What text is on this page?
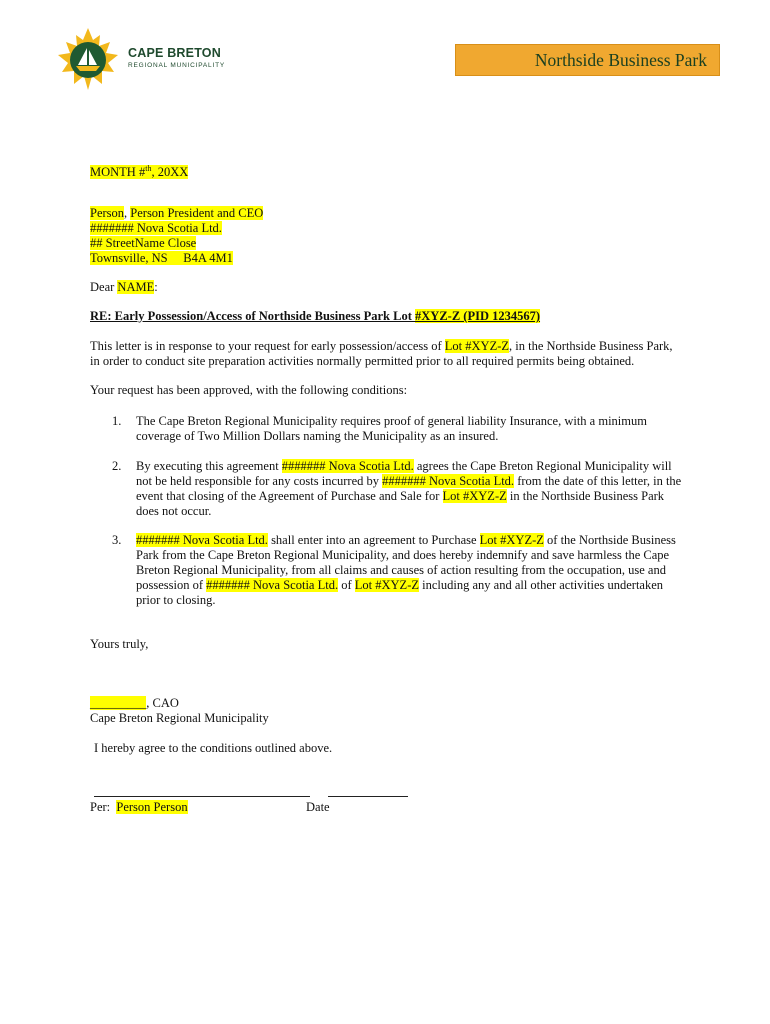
CAPE BRETON
REGIONAL MUNICIPALITY	Northside Business Park
MONTH #$^{th}$, 20XX
Person, Person President and CEO
####### Nova Scotia Ltd.
## StreetName Close
Townsville, NS     B4A 4M1
Dear NAME:
RE: Early Possession/Access of Northside Business Park Lot #XYZ-Z (PID 1234567)
This letter is in response to your request for early possession/access of Lot #XYZ-Z, in the Northside Business Park,
in order to conduct site preparation activities normally permitted prior to all required permits being obtained.
Your request has been approved, with the following conditions:
1. The Cape Breton Regional Municipality requires proof of general liability Insurance, with a minimum
coverage of Two Million Dollars naming the Municipality as an insured.
2. By executing this agreement ####### Nova Scotia Ltd. agrees the Cape Breton Regional Municipality will
not be held responsible for any costs incurred by ####### Nova Scotia Ltd. from the date of this letter, in the
event that closing of the Agreement of Purchase and Sale for Lot #XYZ-Z in the Northside Business Park
does not occur.
3. ####### Nova Scotia Ltd. shall enter into an agreement to Purchase Lot #XYZ-Z of the Northside Business
Park from the Cape Breton Regional Municipality, and does hereby indemnify and save harmless the Cape
Breton Regional Municipality, from all claims and causes of action resulting from the occupation, use and
possession of ####### Nova Scotia Ltd. of Lot #XYZ-Z including any and all other activities undertaken
prior to closing.
Yours truly,
_________, CAO
Cape Breton Regional Municipality
I hereby agree to the conditions outlined above.
Per:  Person Person	Date
